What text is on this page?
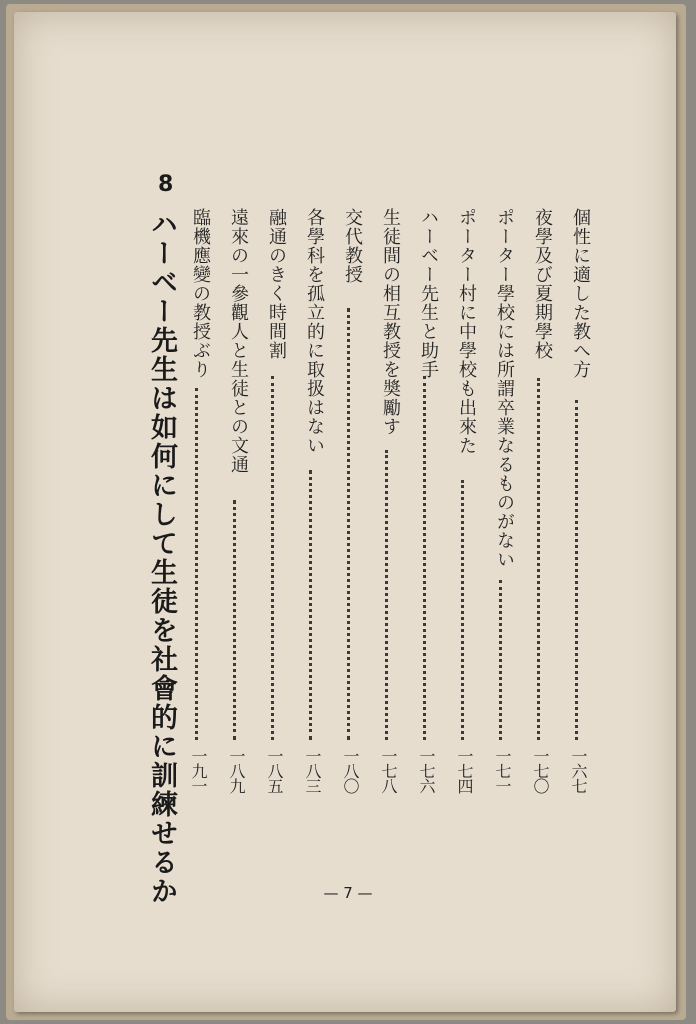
個性に適した教へ方
一六七
夜學及び夏期學校
一七〇
ポーター學校には所謂卒業なるものがない
一七一
ポーター村に中學校も出來た
一七四
ハーベー先生と助手
一七六
生徒間の相互教授を奬勵す
一七八
交代教授
一八〇
各學科を孤立的に取扱はない
一八三
融通のきく時間割
一八五
遠來の一參觀人と生徒との文通
一八九
臨機應變の教授ぶり
一九一
8
ハーベー先生は如何にして生徒を社會的に訓練せるか	— 7 —
